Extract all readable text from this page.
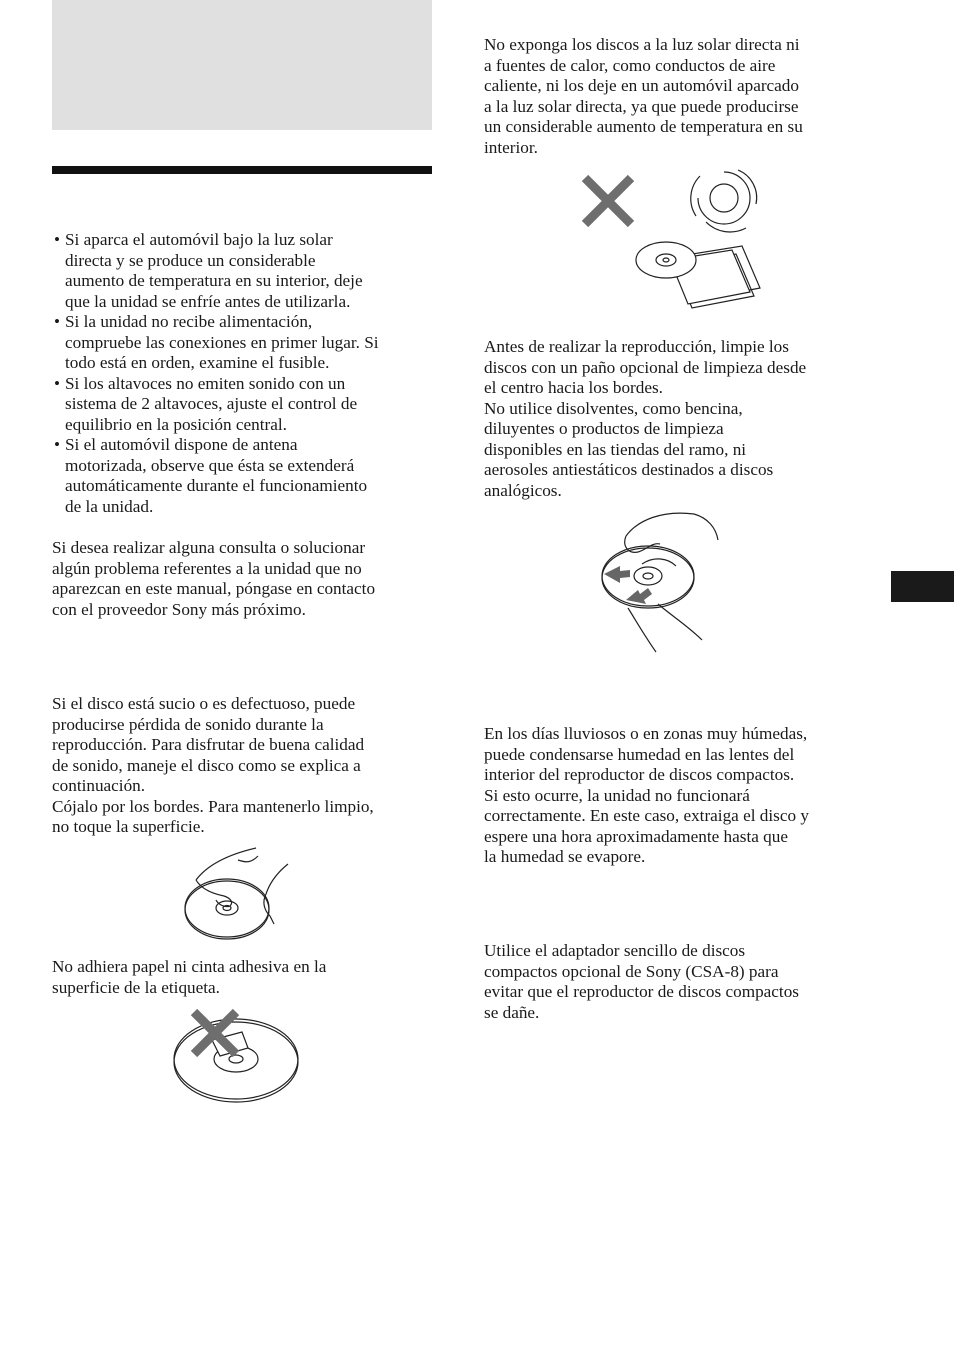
• Si aparca el automóvil bajo la luz solar
directa y se produce un considerable
aumento de temperatura en su interior, deje
que la unidad se enfríe antes de utilizarla.
• Si la unidad no recibe alimentación,
compruebe las conexiones en primer lugar. Si
todo está en orden, examine el fusible.
• Si los altavoces no emiten sonido con un
sistema de 2 altavoces, ajuste el control de
equilibrio en la posición central.
• Si el automóvil dispone de antena
motorizada, observe que ésta se extenderá
automáticamente durante el funcionamiento
de la unidad.

Si desea realizar alguna consulta o solucionar
algún problema referentes a la unidad que no
aparezcan en este manual, póngase en contacto
con el proveedor Sony más próximo.

Si el disco está sucio o es defectuoso, puede
producirse pérdida de sonido durante la
reproducción. Para disfrutar de buena calidad
de sonido, maneje el disco como se explica a
continuación.
Cójalo por los bordes. Para mantenerlo limpio,
no toque la superficie.

No adhiera papel ni cinta adhesiva en la
superficie de la etiqueta.

No exponga los discos a la luz solar directa ni
a fuentes de calor, como conductos de aire
caliente, ni los deje en un automóvil aparcado
a la luz solar directa, ya que puede producirse
un considerable aumento de temperatura en su
interior.

Antes de realizar la reproducción, limpie los
discos con un paño opcional de limpieza desde
el centro hacia los bordes.
No utilice disolventes, como bencina,
diluyentes o productos de limpieza
disponibles en las tiendas del ramo, ni
aerosoles antiestáticos destinados a discos
analógicos.

En los días lluviosos o en zonas muy húmedas,
puede condensarse humedad en las lentes del
interior del reproductor de discos compactos.
Si esto ocurre, la unidad no funcionará
correctamente. En este caso, extraiga el disco y
espere una hora aproximadamente hasta que
la humedad se evapore.

Utilice el adaptador sencillo de discos
compactos opcional de Sony (CSA-8) para
evitar que el reproductor de discos compactos
se dañe.
